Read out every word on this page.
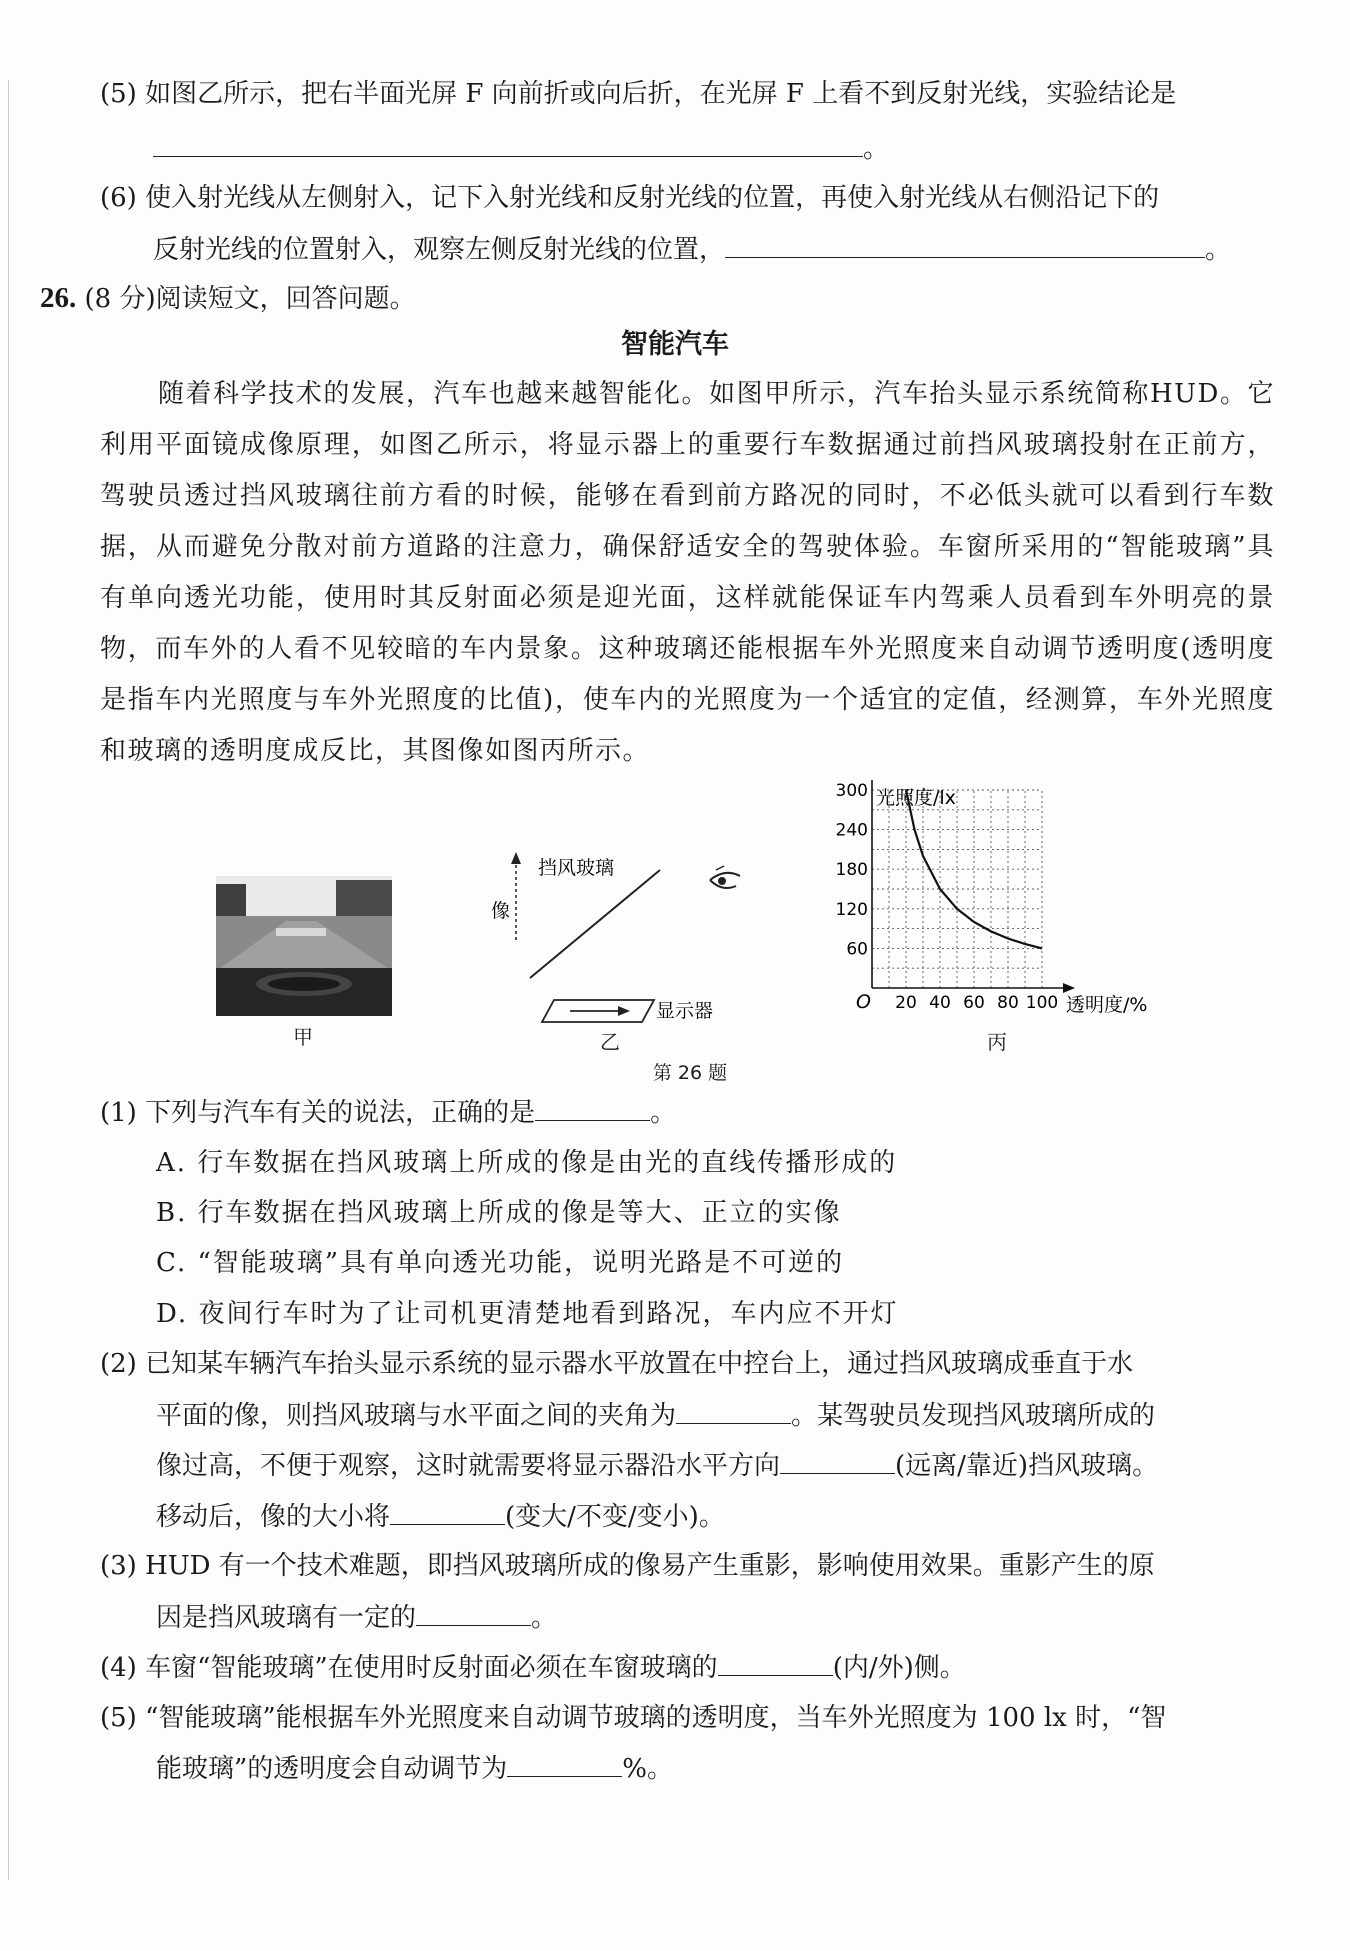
(5) 如图乙所示，把右半面光屏 F 向前折或向后折，在光屏 F 上看不到反射光线，实验结论是
。
(6) 使入射光线从左侧射入，记下入射光线和反射光线的位置，再使入射光线从右侧沿记下的
反射光线的位置射入，观察左侧反射光线的位置，	。
26. (8 分)阅读短文，回答问题。
智能汽车

随着科学技术的发展，汽车也越来越智能化。如图甲所示，汽车抬头显示系统简称HUD。它利用平面镜成像原理，如图乙所示，将显示器上的重要行车数据通过前挡风玻璃投射在正前方，驾驶员透过挡风玻璃往前方看的时候，能够在看到前方路况的同时，不必低头就可以看到行车数据，从而避免分散对前方道路的注意力，确保舒适安全的驾驶体验。车窗所采用的“智能玻璃”具有单向透光功能，使用时其反射面必须是迎光面，这样就能保证车内驾乘人员看到车外明亮的景物，而车外的人看不见较暗的车内景象。这种玻璃还能根据车外光照度来自动调节透明度(透明度是指车内光照度与车外光照度的比值)，使车内的光照度为一个适宜的定值，经测算，车外光照度和玻璃的透明度成反比，其图像如图丙所示。

甲
像
挡风玻璃
显示器
乙
20 40 60 80 100
60
120
180
240
300 光照度/lx
透明度/%
O
丙
第 26 题
(1) 下列与汽车有关的说法，正确的是	。
A. 行车数据在挡风玻璃上所成的像是由光的直线传播形成的
B. 行车数据在挡风玻璃上所成的像是等大、正立的实像
C. “智能玻璃”具有单向透光功能，说明光路是不可逆的
D. 夜间行车时为了让司机更清楚地看到路况，车内应不开灯
(2) 已知某车辆汽车抬头显示系统的显示器水平放置在中控台上，通过挡风玻璃成垂直于水
平面的像，则挡风玻璃与水平面之间的夹角为	。某驾驶员发现挡风玻璃所成的
像过高，不便于观察，这时就需要将显示器沿水平方向	(远离/靠近)挡风玻璃。
移动后，像的大小将	(变大/不变/变小)。
(3) HUD 有一个技术难题，即挡风玻璃所成的像易产生重影，影响使用效果。重影产生的原
因是挡风玻璃有一定的	。
(4) 车窗“智能玻璃”在使用时反射面必须在车窗玻璃的	(内/外)侧。
(5) “智能玻璃”能根据车外光照度来自动调节玻璃的透明度，当车外光照度为 100 lx 时，“智
能玻璃”的透明度会自动调节为	%。
